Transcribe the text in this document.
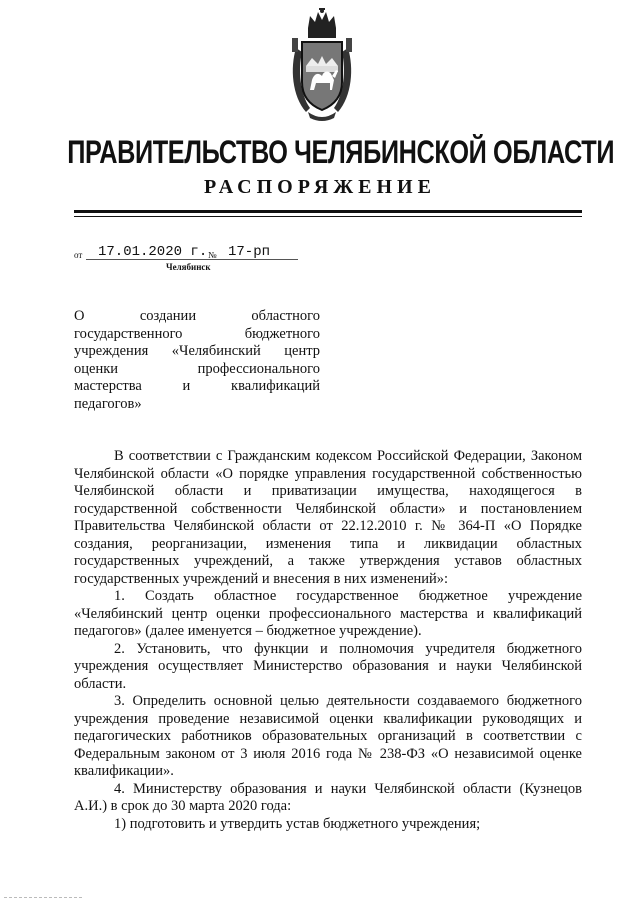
ПРАВИТЕЛЬСТВО ЧЕЛЯБИНСКОЙ ОБЛАСТИ
РАСПОРЯЖЕНИЕ
от 17.01.2020 г. № 17-рп
Челябинск
О создании областного
государственного бюджетного
учреждения «Челябинский центр
оценки профессионального
мастерства и квалификаций
педагогов»

В соответствии с Гражданским кодексом Российской Федерации, Законом Челябинской области «О порядке управления государственной собственностью Челябинской области и приватизации имущества, находящегося в государственной собственности Челябинской области» и постановлением Правительства Челябинской области от 22.12.2010 г. № 364-П «О Порядке создания, реорганизации, изменения типа и ликвидации областных государственных учреждений, а также утверждения уставов областных государственных учреждений и внесения в них изменений»:

1. Создать областное государственное бюджетное учреждение «Челябинский центр оценки профессионального мастерства и квалификаций педагогов» (далее именуется – бюджетное учреждение).

2. Установить, что функции и полномочия учредителя бюджетного учреждения осуществляет Министерство образования и науки Челябинской области.

3. Определить основной целью деятельности создаваемого бюджетного учреждения проведение независимой оценки квалификации руководящих и педагогических работников образовательных организаций в соответствии с Федеральным законом от 3 июля 2016 года № 238-ФЗ «О независимой оценке квалификации».

4. Министерству образования и науки Челябинской области (Кузнецов А.И.) в срок до 30 марта 2020 года:

1) подготовить и утвердить устав бюджетного учреждения;
